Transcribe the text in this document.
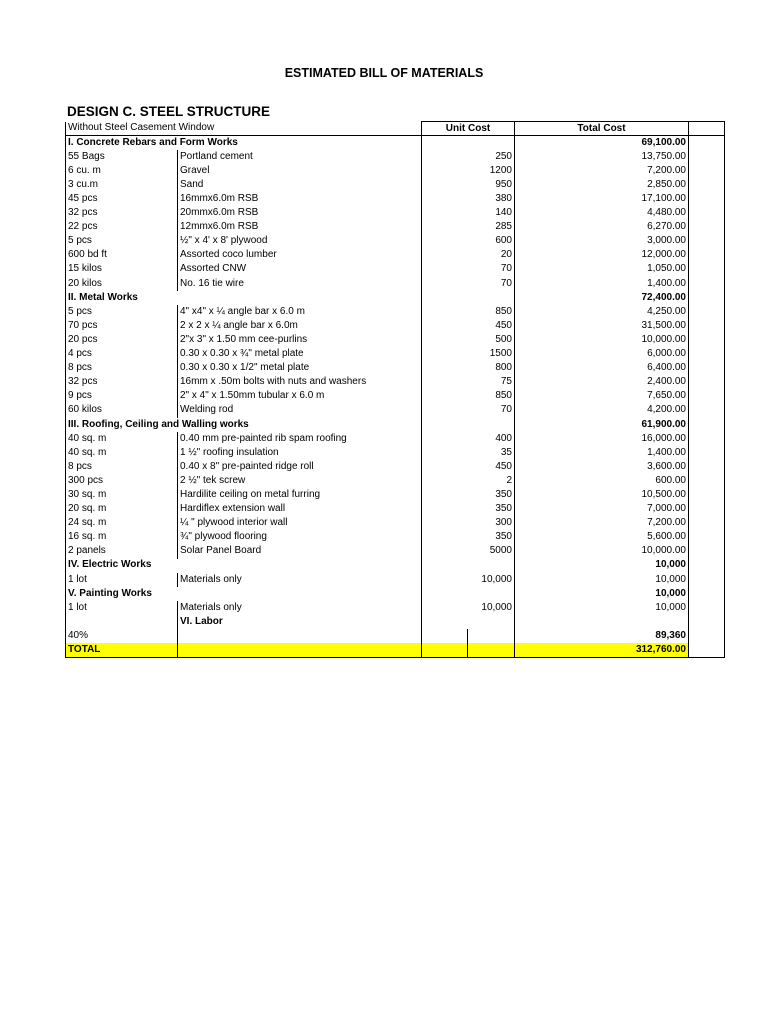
ESTIMATED BILL OF MATERIALS
DESIGN C. STEEL STRUCTURE
Without Steel Casement Window		Unit Cost		Total Cost	
I. Concrete Rebars and Form Works				69,100.00	
55 Bags	Portland cement	250		13,750.00	
6 cu. m	Gravel	1200		7,200.00	
3 cu.m	Sand	950		2,850.00	
45 pcs	16mmx6.0m RSB	380		17,100.00	
32 pcs	20mmx6.0m RSB	140		4,480.00	
22 pcs	12mmx6.0m RSB	285		6,270.00	
5 pcs	½" x 4' x 8' plywood	600		3,000.00	
600 bd ft	Assorted coco lumber	20		12,000.00	
15 kilos	Assorted CNW	70		1,050.00	
20 kilos	No. 16 tie wire	70		1,400.00	
II. Metal Works				72,400.00	
5 pcs	4" x4" x ¼ angle bar x 6.0 m	850		4,250.00	
70 pcs	2 x 2 x ¼ angle bar x 6.0m	450		31,500.00	
20 pcs	2"x 3" x 1.50 mm cee-purlins	500		10,000.00	
4 pcs	0.30 x 0.30 x ¾" metal plate	1500		6,000.00	
8 pcs	0.30 x 0.30 x 1/2" metal plate	800		6,400.00	
32 pcs	16mm x .50m bolts with nuts and washers	75		2,400.00	
9 pcs	2" x 4" x 1.50mm tubular x 6.0 m	850		7,650.00	
60 kilos	Welding rod	70		4,200.00	
III. Roofing, Ceiling and Walling works				61,900.00	
40 sq. m	0.40 mm pre-painted rib spam roofing	400		16,000.00	
40 sq. m	1 ½" roofing insulation	35		1,400.00	
8 pcs	0.40 x 8" pre-painted ridge roll	450		3,600.00	
300 pcs	2 ½" tek screw	2		600.00	
30 sq. m	Hardilite ceiling on metal furring	350		10,500.00	
20 sq. m	Hardiflex extension wall	350		7,000.00	
24 sq. m	¼ " plywood interior wall	300		7,200.00	
16 sq. m	¾" plywood flooring	350		5,600.00	
2 panels	Solar Panel Board	5000		10,000.00	
IV. Electric Works				10,000	
1 lot	Materials only	10,000		10,000	
V. Painting Works				10,000	
1 lot	Materials only	10,000		10,000	
	VI. Labor				
40%				89,360	
TOTAL				312,760.00	
